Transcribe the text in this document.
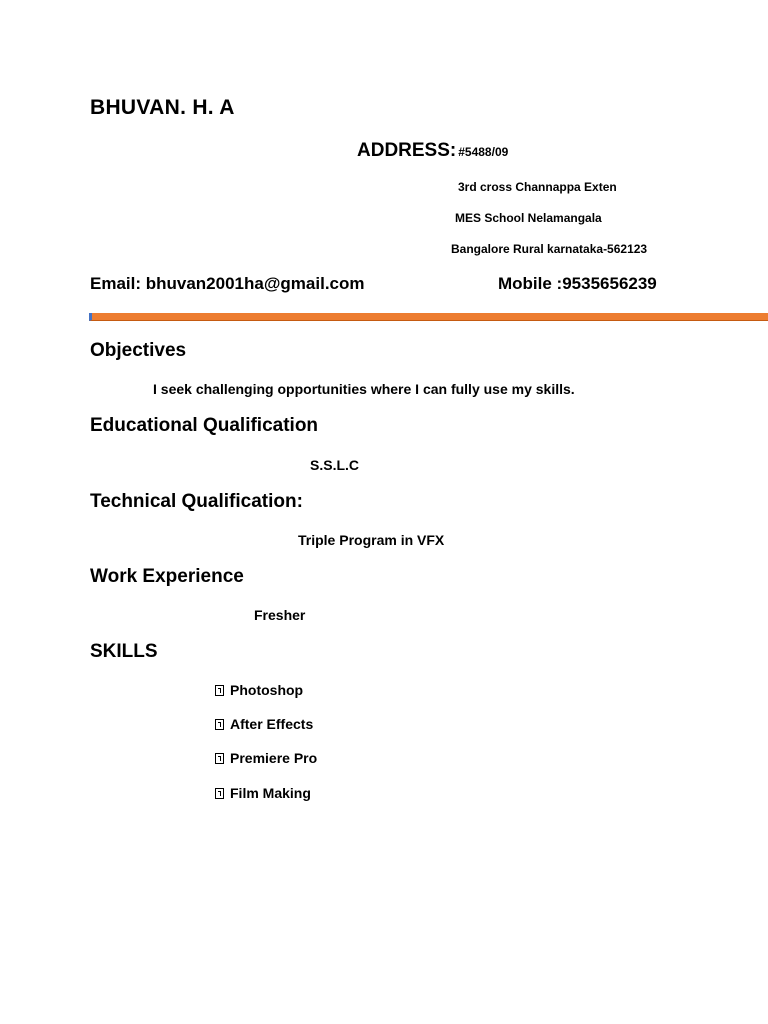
BHUVAN. H. A
ADDRESS: #5488/09
3rd cross Channappa Exten
MES School Nelamangala
Bangalore Rural karnataka-562123
Email: bhuvan2001ha@gmail.com	Mobile :9535656239
Objectives
I seek challenging opportunities where I can fully use my skills.
Educational Qualification
S.S.L.C
Technical Qualification:
Triple Program in VFX
Work Experience
Fresher
SKILLS
Photoshop
After Effects
Premiere Pro
Film Making
